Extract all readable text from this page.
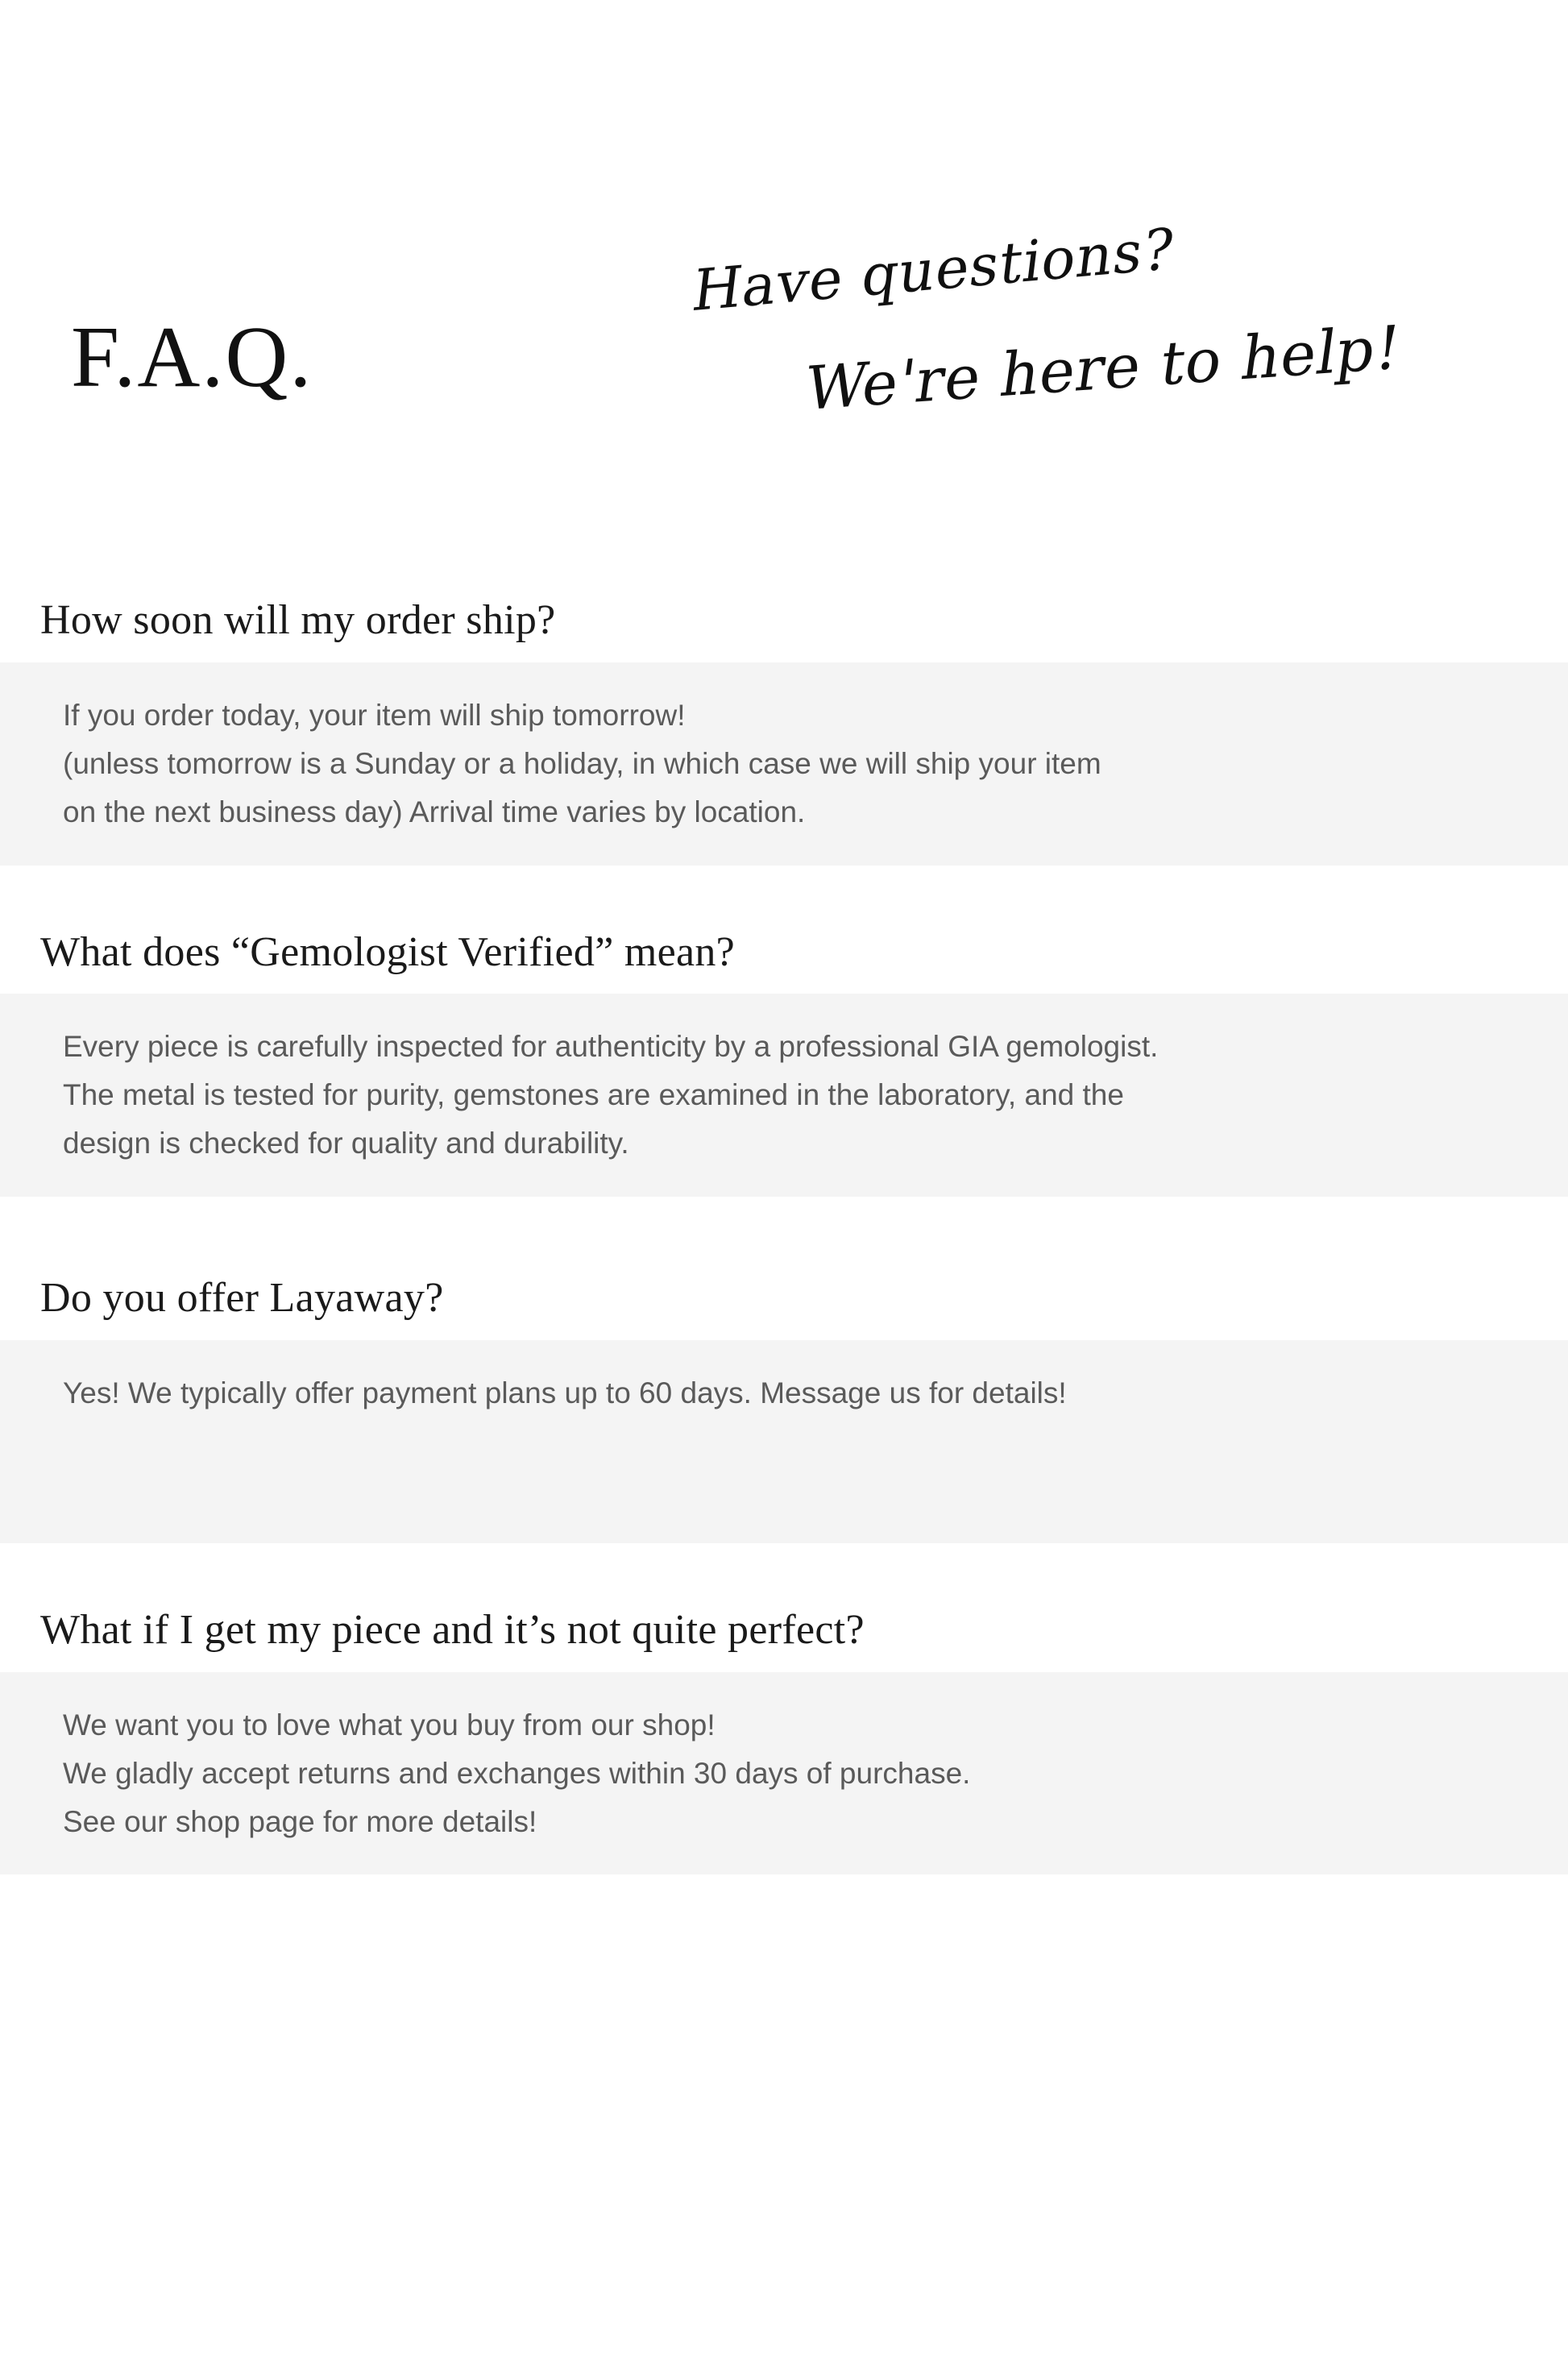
F.A.Q.
Have questions?
We're here to help!
How soon will my order ship?
If you order today, your item will ship tomorrow!
(unless tomorrow is a Sunday or a holiday, in which case we will ship your item
on the next business day) Arrival time varies by location.
What does “Gemologist Verified” mean?
Every piece is carefully inspected for authenticity by a professional GIA gemologist.
The metal is tested for purity, gemstones are examined in the laboratory, and the
design is checked for quality and durability.
Do you offer Layaway?
Yes! We typically offer payment plans up to 60 days. Message us for details!

What if I get my piece and it’s not quite perfect?
We want you to love what you buy from our shop!
We gladly accept returns and exchanges within 30 days of purchase.
See our shop page for more details!
